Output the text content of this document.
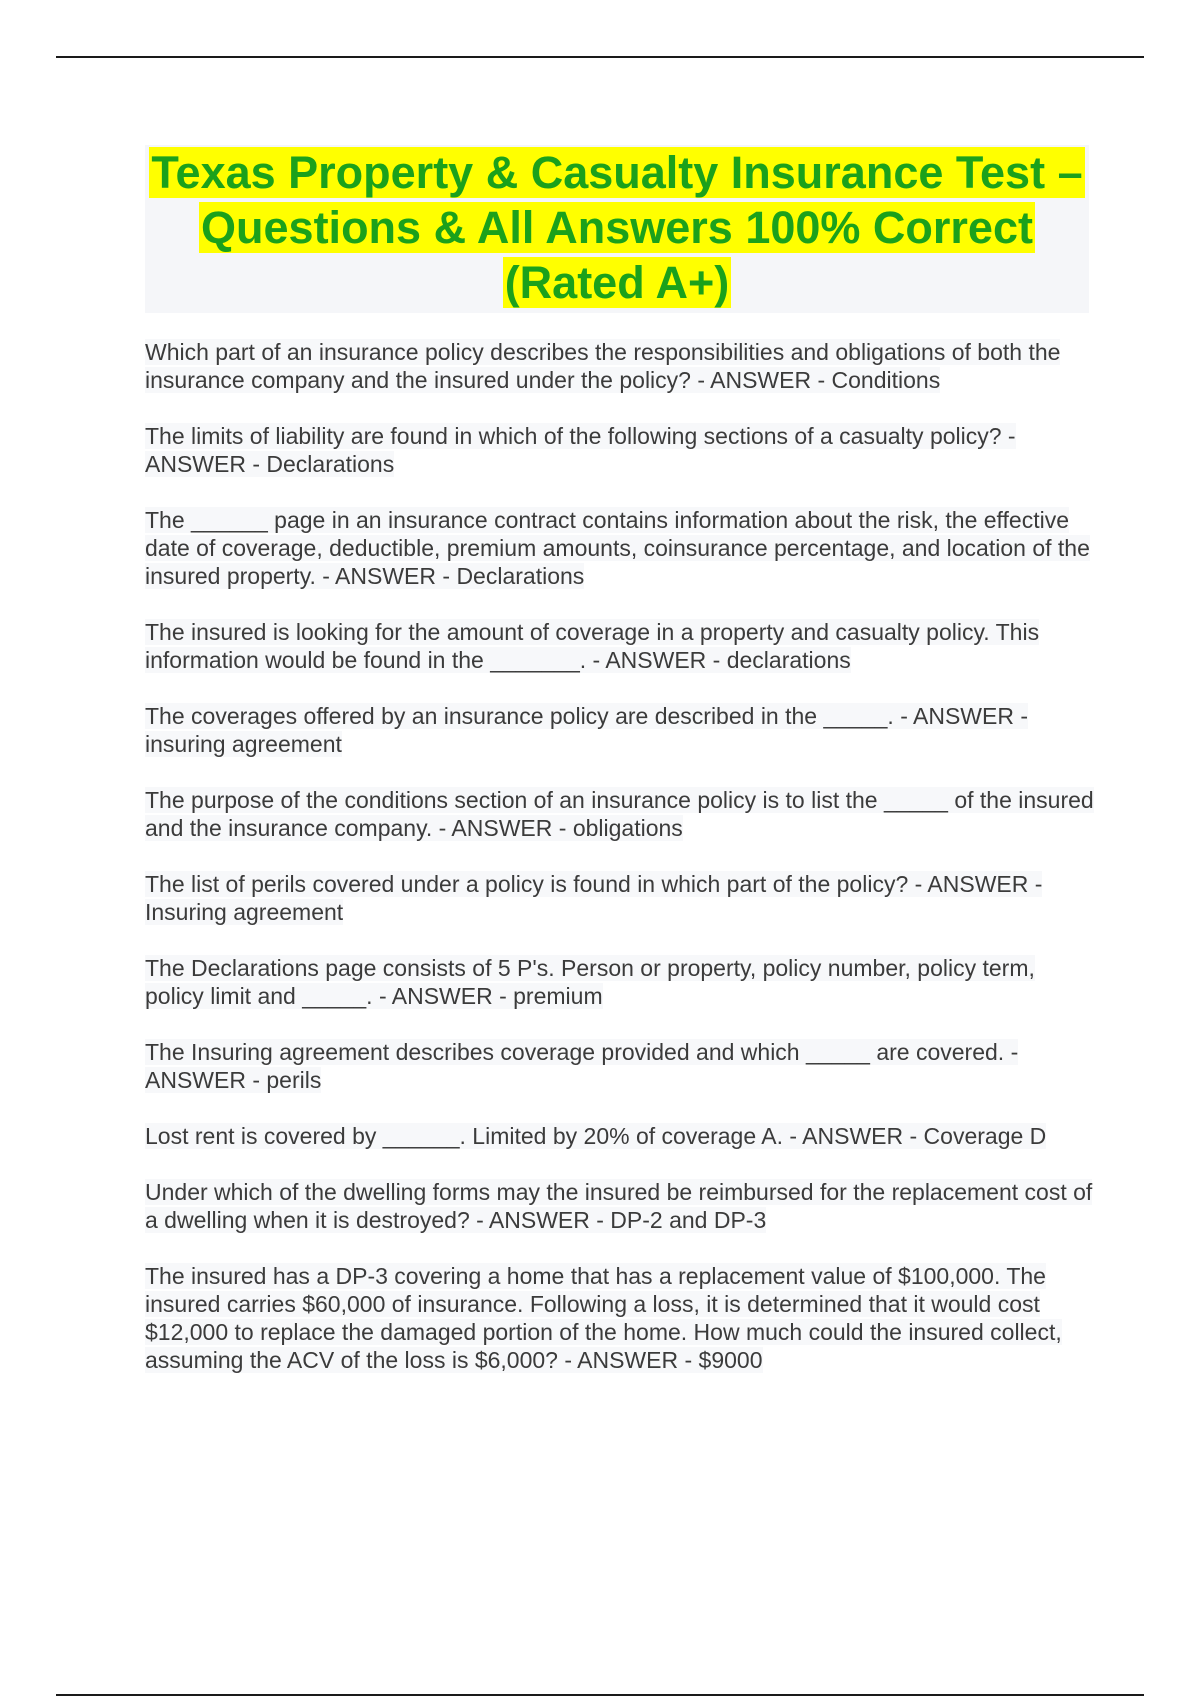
Texas Property & Casualty Insurance Test – Questions & All Answers 100% Correct (Rated A+)
Which part of an insurance policy describes the responsibilities and obligations of both the insurance company and the insured under the policy? - ANSWER - Conditions
The limits of liability are found in which of the following sections of a casualty policy? - ANSWER - Declarations
The ______ page in an insurance contract contains information about the risk, the effective date of coverage, deductible, premium amounts, coinsurance percentage, and location of the insured property. - ANSWER - Declarations
The insured is looking for the amount of coverage in a property and casualty policy. This information would be found in the _______. - ANSWER - declarations
The coverages offered by an insurance policy are described in the _____. - ANSWER - insuring agreement
The purpose of the conditions section of an insurance policy is to list the _____ of the insured and the insurance company. - ANSWER - obligations
The list of perils covered under a policy is found in which part of the policy? - ANSWER - Insuring agreement
The Declarations page consists of 5 P's. Person or property, policy number, policy term, policy limit and _____. - ANSWER - premium
The Insuring agreement describes coverage provided and which _____ are covered. - ANSWER - perils
Lost rent is covered by ______. Limited by 20% of coverage A. - ANSWER - Coverage D
Under which of the dwelling forms may the insured be reimbursed for the replacement cost of a dwelling when it is destroyed? - ANSWER - DP-2 and DP-3
The insured has a DP-3 covering a home that has a replacement value of $100,000. The insured carries $60,000 of insurance. Following a loss, it is determined that it would cost $12,000 to replace the damaged portion of the home. How much could the insured collect, assuming the ACV of the loss is $6,000? - ANSWER - $9000
